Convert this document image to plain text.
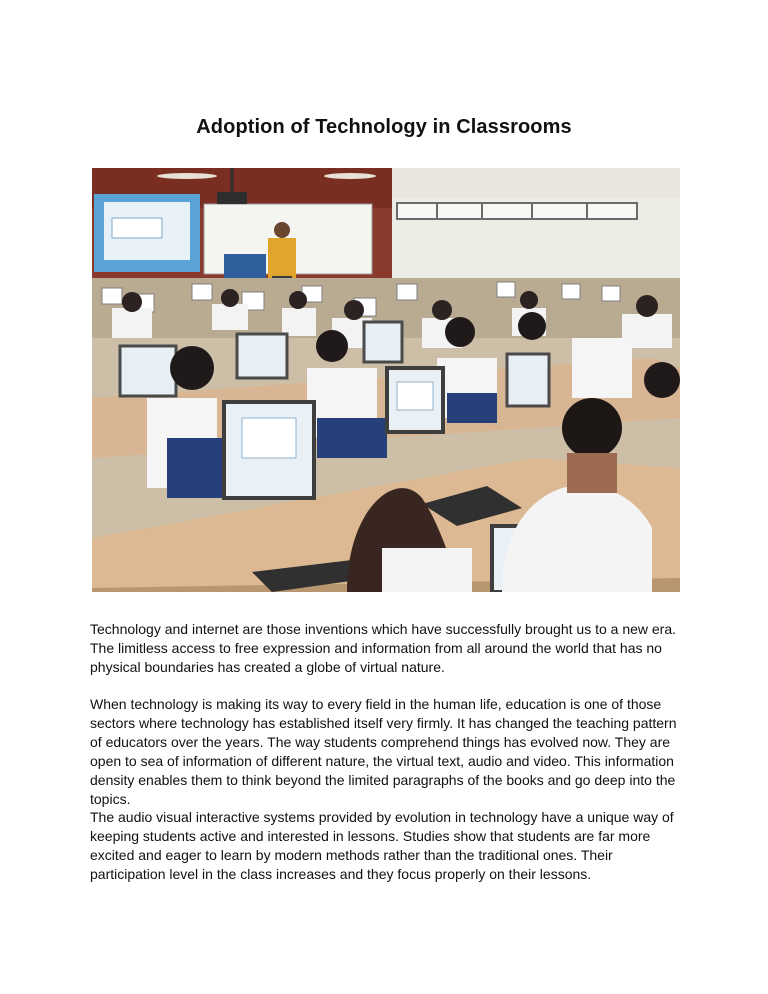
Adoption of Technology in Classrooms

Technology and internet are those inventions which have successfully brought us to a new era. The limitless access to free expression and information from all around the world that has no physical boundaries has created a globe of virtual nature.

When technology is making its way to every field in the human life, education is one of those sectors where technology has established itself very firmly. It has changed the teaching pattern of educators over the years. The way students comprehend things has evolved now. They are open to sea of information of different nature, the virtual text, audio and video. This information density enables them to think beyond the limited paragraphs of the books and go deep into the topics.

The audio visual interactive systems provided by evolution in technology have a unique way of keeping students active and interested in lessons. Studies show that students are far more excited and eager to learn by modern methods rather than the traditional ones. Their participation level in the class increases and they focus properly on their lessons.
